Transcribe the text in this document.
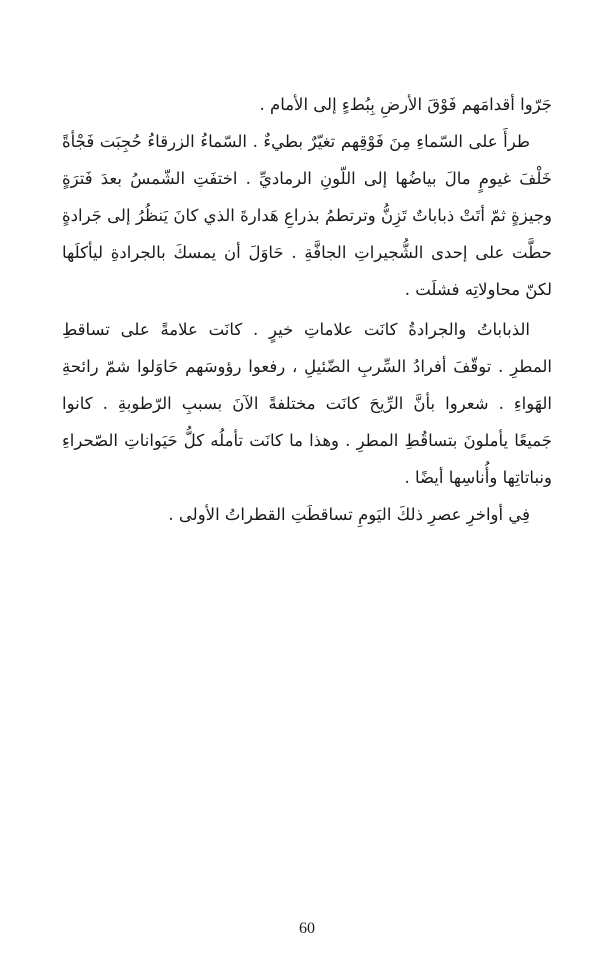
جَرّوا أقدامَهم فَوْقَ الأرضِ بِبُطءٍ إلى الأمام .
طرأَ على السّماءِ مِنَ فَوْقِهم تغيّرٌ بطيءٌ . السّماءُ الزرقاءُ حُجِبَت فَجْأةً
خَلْفَ غيومٍ مالَ بياضُها إلى اللّونِ الرماديِّ . اختفَتِ الشّمسُ بعدَ فَترَةٍ
وجيزةٍ ثمّ أتَتْ ذباباتٌ تَزِنُّ وترتطمُ بذراعِ هَدارةَ الذي كانَ يَنظُرُ إلى جَرادةٍ
حطَّت على إحدى الشُّجيراتِ الجافَّةِ . حَاوَلَ أن يمسكَ بالجرادةِ ليأكلَها
لكنّ محاولاتِه فشلَت .
الذباباتُ والجرادةُ كانَت علاماتِ خيرٍ . كانَت علامةً على تساقطِ
المطرِ . توقّفَ أفرادُ السِّربِ الضّئيلِ ، رفعوا رؤوسَهم حَاوَلوا شمّ رائحةِ
الهَواءِ . شعروا بأنَّ الرِّيحَ كانَت مختلفةً الآنَ بسببِ الرّطوبةِ . كانوا
جَميعًا يأملونَ بتساقُطِ المطرِ . وهذا ما كانَت تأملُه كلُّ حَيَواناتِ الصّحراءِ
ونباتاتِها وأُناسِها أيضًا .
فِي أواخرِ عصرِ ذلكَ اليَومِ تساقطَتِ القطراتُ الأولى .
60
